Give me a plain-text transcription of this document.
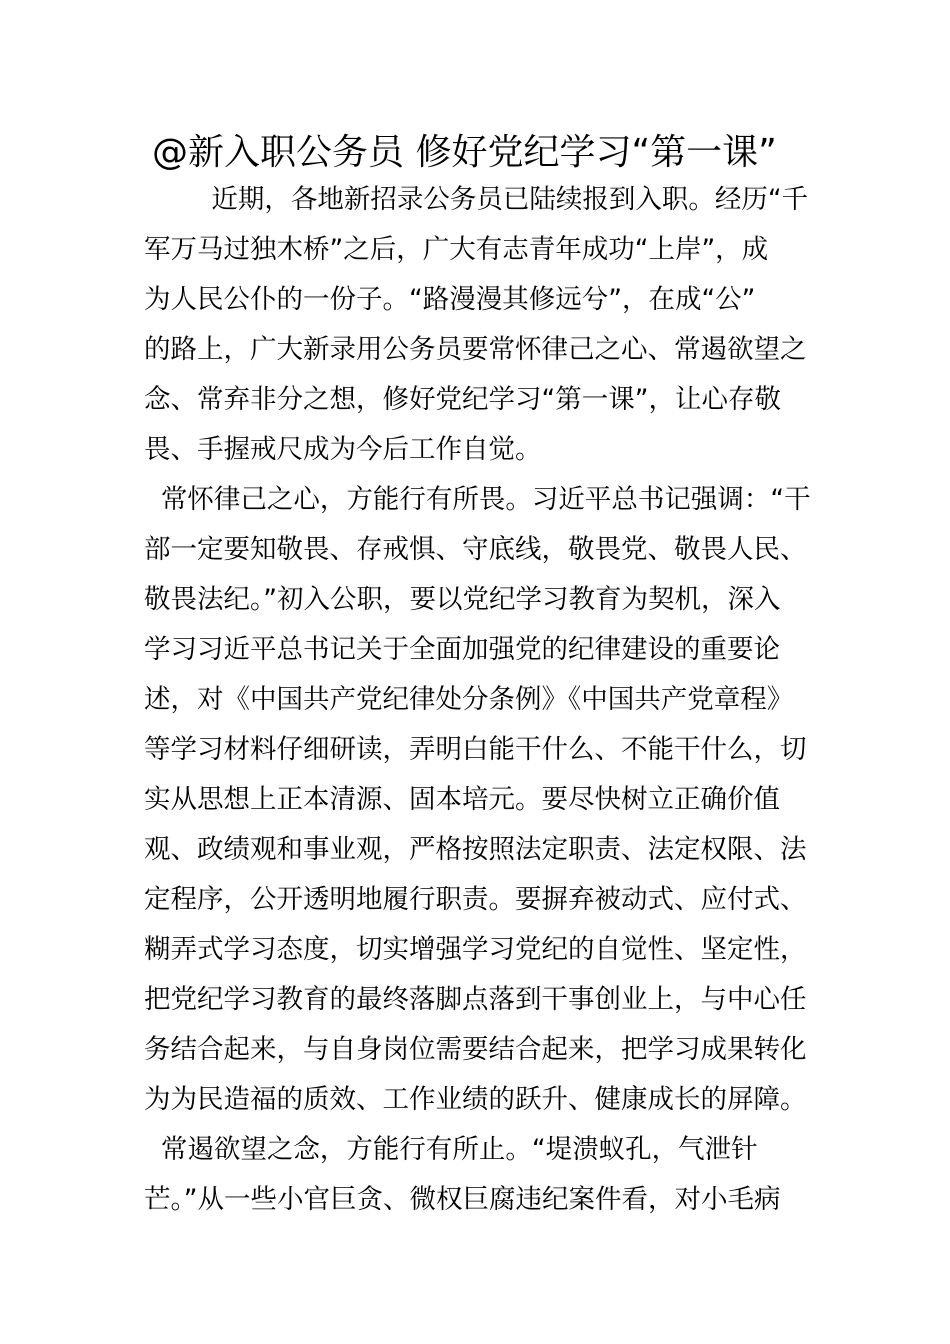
@新入职公务员 修好党纪学习“第一课”
近期，各地新招录公务员已陆续报到入职。经历“千
军万马过独木桥”之后，广大有志青年成功“上岸”，成
为人民公仆的一份子。“路漫漫其修远兮”，在成“公”
的路上，广大新录用公务员要常怀律己之心、常遏欲望之
念、常弃非分之想，修好党纪学习“第一课”，让心存敬
畏、手握戒尺成为今后工作自觉。
常怀律己之心，方能行有所畏。习近平总书记强调：“干
部一定要知敬畏、存戒惧、守底线，敬畏党、敬畏人民、
敬畏法纪。”初入公职，要以党纪学习教育为契机，深入
学习习近平总书记关于全面加强党的纪律建设的重要论
述，对《中国共产党纪律处分条例》《中国共产党章程》
等学习材料仔细研读，弄明白能干什么、不能干什么，切
实从思想上正本清源、固本培元。要尽快树立正确价值
观、政绩观和事业观，严格按照法定职责、法定权限、法
定程序，公开透明地履行职责。要摒弃被动式、应付式、
糊弄式学习态度，切实增强学习党纪的自觉性、坚定性，
把党纪学习教育的最终落脚点落到干事创业上，与中心任
务结合起来，与自身岗位需要结合起来，把学习成果转化
为为民造福的质效、工作业绩的跃升、健康成长的屏障。
常遏欲望之念，方能行有所止。“堤溃蚁孔，气泄针
芒。”从一些小官巨贪、微权巨腐违纪案件看，对小毛病
